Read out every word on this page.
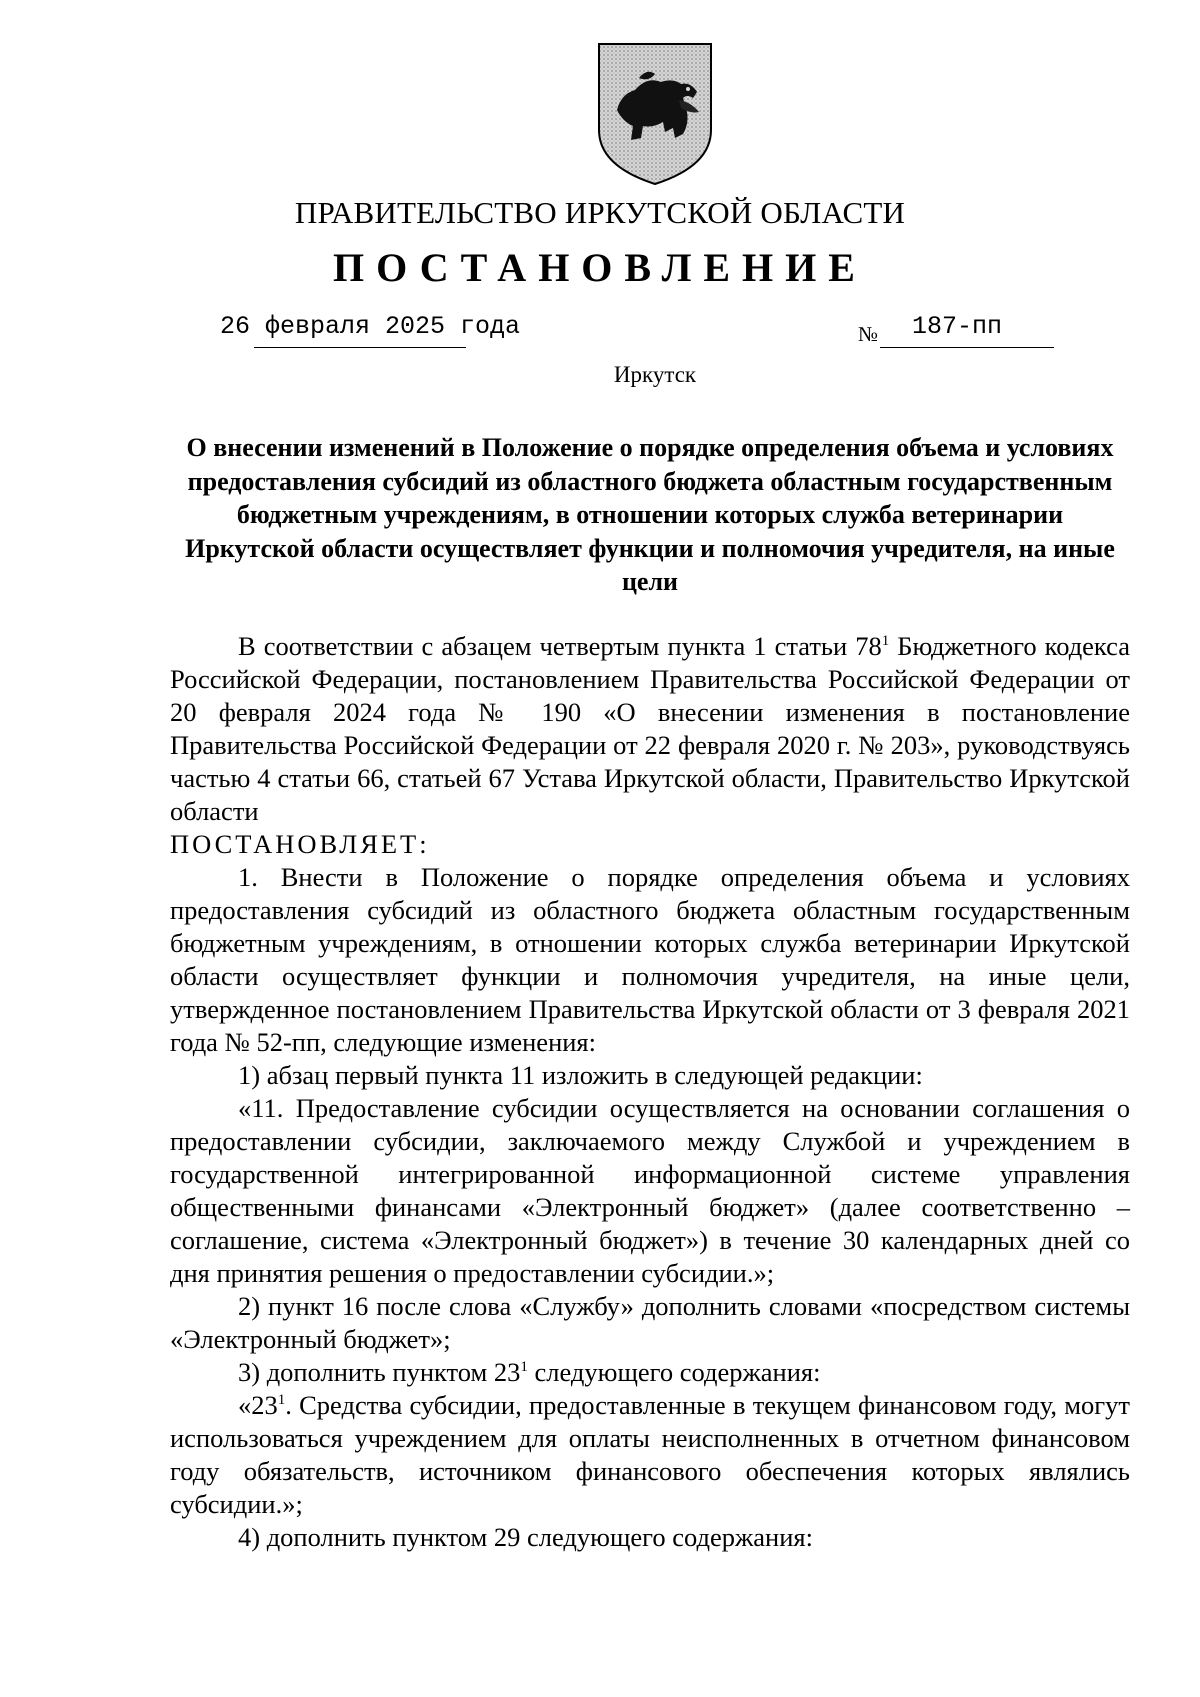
ПРАВИТЕЛЬСТВО ИРКУТСКОЙ ОБЛАСТИ
ПОСТАНОВЛЕНИЕ
26 февраля 2025 года	№ 187-пп
Иркутск
О внесении изменений в Положение о порядке определения объема и условиях предоставления субсидий из областного бюджета областным государственным бюджетным учреждениям, в отношении которых служба ветеринарии Иркутской области осуществляет функции и полномочия учредителя, на иные цели

В соответствии с абзацем четвертым пункта 1 статьи $78^1$ Бюджетного кодекса Российской Федерации, постановлением Правительства Российской Федерации от 20 февраля 2024 года № 190 «О внесении изменения в постановление Правительства Российской Федерации от 22 февраля 2020 г. № 203», руководствуясь частью 4 статьи 66, статьей 67 Устава Иркутской области, Правительство Иркутской области

ПОСТАНОВЛЯЕТ:

1. Внести в Положение о порядке определения объема и условиях предоставления субсидий из областного бюджета областным государственным бюджетным учреждениям, в отношении которых служба ветеринарии Иркутской области осуществляет функции и полномочия учредителя, на иные цели, утвержденное постановлением Правительства Иркутской области от 3 февраля 2021 года № 52-пп, следующие изменения:

1) абзац первый пункта 11 изложить в следующей редакции:

«11. Предоставление субсидии осуществляется на основании соглашения о предоставлении субсидии, заключаемого между Службой и учреждением в государственной интегрированной информационной системе управления общественными финансами «Электронный бюджет» (далее соответственно – соглашение, система «Электронный бюджет») в течение 30 календарных дней со дня принятия решения о предоставлении субсидии.»;

2) пункт 16 после слова «Службу» дополнить словами «посредством системы «Электронный бюджет»;

3) дополнить пунктом $23^1$ следующего содержания:

«$23^1$. Средства субсидии, предоставленные в текущем финансовом году, могут использоваться учреждением для оплаты неисполненных в отчетном финансовом году обязательств, источником финансового обеспечения которых являлись субсидии.»;

4) дополнить пунктом 29 следующего содержания:
